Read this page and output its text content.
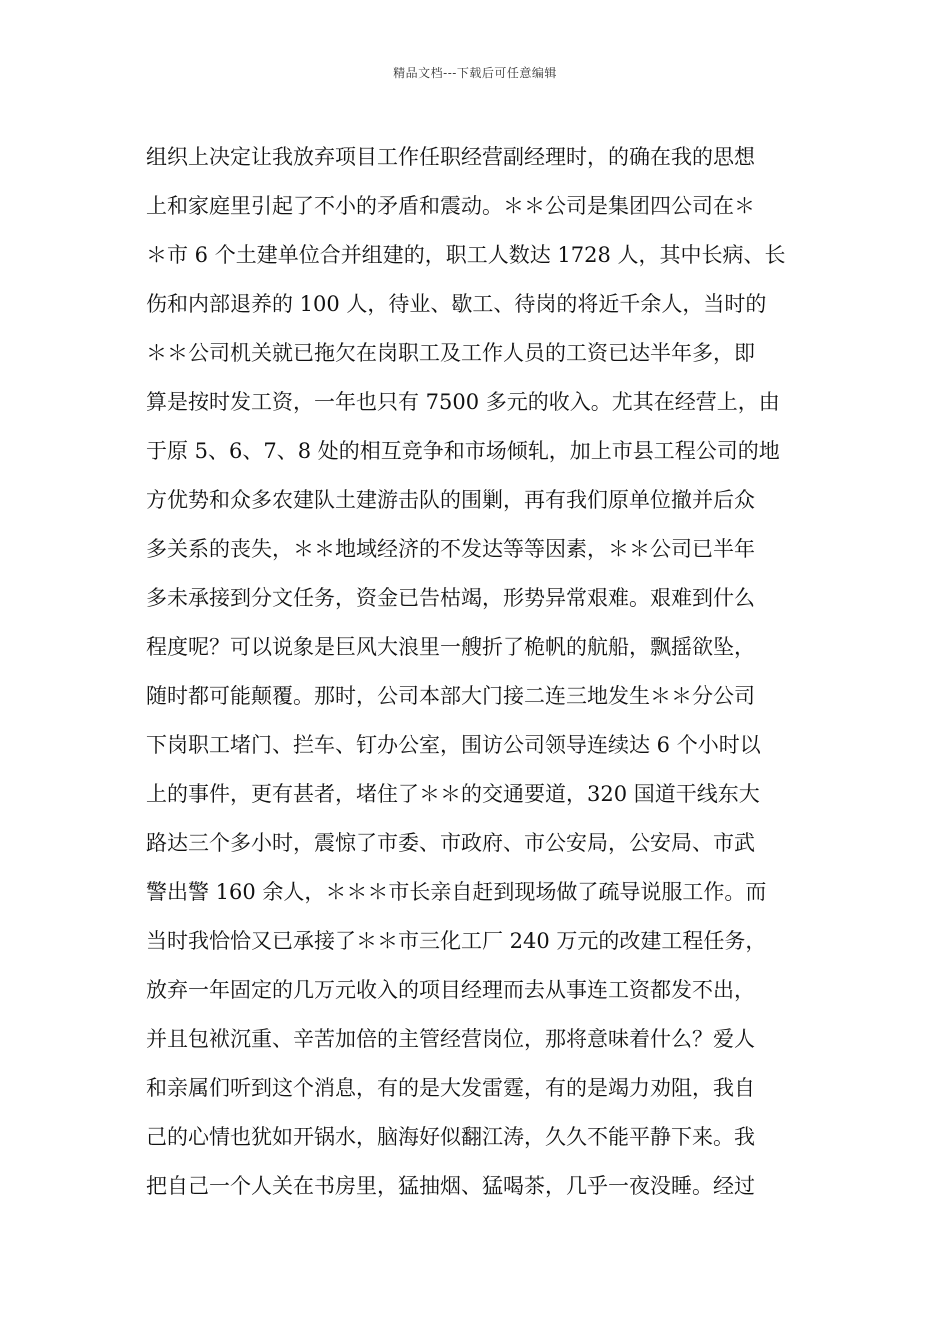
精品文档---下载后可任意编辑
组织上决定让我放弃项目工作任职经营副经理时，的确在我的思想
上和家庭里引起了不小的矛盾和震动。＊＊公司是集团四公司在＊
＊市 6 个土建单位合并组建的，职工人数达 1728 人，其中长病、长
伤和内部退养的 100 人，待业、歇工、待岗的将近千余人，当时的
＊＊公司机关就已拖欠在岗职工及工作人员的工资已达半年多，即
算是按时发工资，一年也只有 7500 多元的收入。尤其在经营上，由
于原 5、6、7、8 处的相互竞争和市场倾轧，加上市县工程公司的地
方优势和众多农建队土建游击队的围剿，再有我们原单位撤并后众
多关系的丧失，＊＊地域经济的不发达等等因素，＊＊公司已半年
多未承接到分文任务，资金已告枯竭，形势异常艰难。艰难到什么
程度呢？可以说象是巨风大浪里一艘折了桅帆的航船，飘摇欲坠，
随时都可能颠覆。那时，公司本部大门接二连三地发生＊＊分公司
下岗职工堵门、拦车、钉办公室，围访公司领导连续达 6 个小时以
上的事件，更有甚者，堵住了＊＊的交通要道，320 国道干线东大
路达三个多小时，震惊了市委、市政府、市公安局，公安局、市武
警出警 160 余人，＊＊＊市长亲自赶到现场做了疏导说服工作。而
当时我恰恰又已承接了＊＊市三化工厂 240 万元的改建工程任务，
放弃一年固定的几万元收入的项目经理而去从事连工资都发不出，
并且包袱沉重、辛苦加倍的主管经营岗位，那将意味着什么？爱人
和亲属们听到这个消息，有的是大发雷霆，有的是竭力劝阻，我自
己的心情也犹如开锅水，脑海好似翻江涛，久久不能平静下来。我
把自己一个人关在书房里，猛抽烟、猛喝茶，几乎一夜没睡。经过
